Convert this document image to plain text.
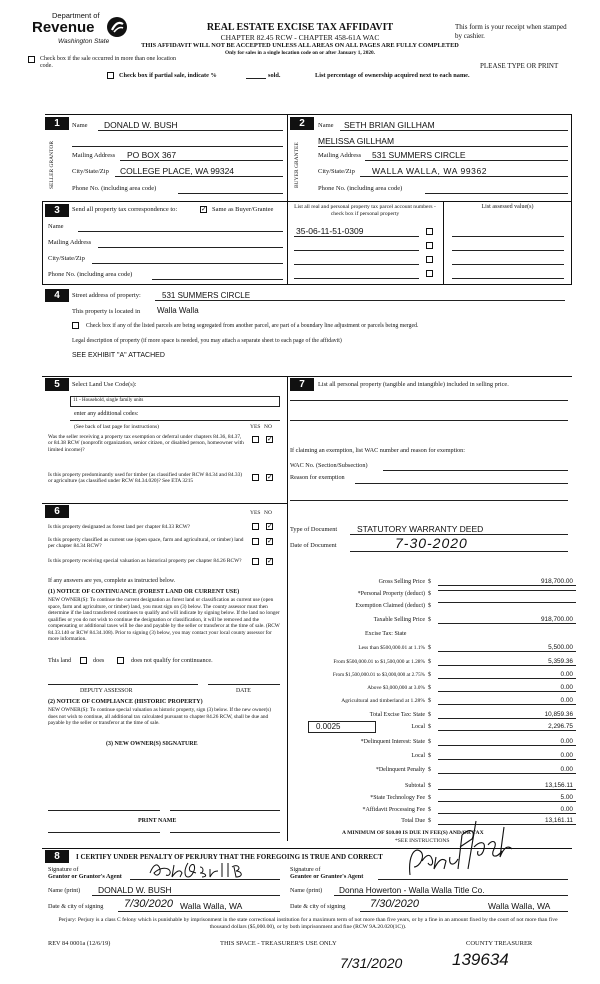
Department of
Revenue
Washington State
REAL ESTATE EXCISE TAX AFFIDAVIT
CHAPTER 82.45 RCW - CHAPTER 458-61A WAC
This form is your receipt when stamped by cashier.
THIS AFFIDAVIT WILL NOT BE ACCEPTED UNLESS ALL AREAS ON ALL PAGES ARE FULLY COMPLETED
Only for sales in a single location code on or after January 1, 2020.
Check box if the sale occurred in more than one location code.	PLEASE TYPE OR PRINT
Check box if partial sale, indicate %	sold.	List percentage of ownership acquired next to each name.
1
SELLER GRANTOR
Name DONALD W. BUSH
Mailing Address PO BOX 367
City/State/Zip COLLEGE PLACE, WA 99324
Phone No. (including area code)
2
BUYER GRANTEE
Name SETH BRIAN GILLHAM
MELISSA GILLHAM
Mailing Address 531 SUMMERS CIRCLE
City/State/Zip WALLA WALLA, WA 99362
Phone No. (including area code)
3	Send all property tax correspondence to:	✓ Same as Buyer/Grantee
Name
Mailing Address
City/State/Zip
Phone No. (including area code)
List all real and personal property tax parcel account numbers - check box if personal property
List assessed value(s)
35-06-11-51-0309
4	Street address of property:	531 SUMMERS CIRCLE
This property is located in Walla Walla
Check box if any of the listed parcels are being segregated from another parcel, are part of a boundary line adjustment or parcels being merged.
Legal description of property (if more space is needed, you may attach a separate sheet to each page of the affidavit)
SEE EXHIBIT "A" ATTACHED
5	Select Land Use Code(s):
11 - Household, single family units
enter any additional codes:
(See back of last page for instructions)	YES NO
Was the seller receiving a property tax exemption or deferral under chapters 84.36, 84.37, or 84.38 RCW (nonprofit organization, senior citizen, or disabled person, homeowner with limited income)?
✓
Is this property predominantly used for timber (as classified under RCW 84.34 and 84.33) or agriculture (as classified under RCW 84.34.020)? See ETA 3215
✓
6	YES NO
Is this property designated as forest land per chapter 84.33 RCW?	✓
Is this property classified as current use (open space, farm and agricultural, or timber) land per chapter 84.34 RCW?
✓
Is this property receiving special valuation as historical property per chapter 84.26 RCW?	✓
If any answers are yes, complete as instructed below.
(1) NOTICE OF CONTINUANCE (FOREST LAND OR CURRENT USE)
NEW OWNER(S): To continue the current designation as forest land or classification as current use (open space, farm and agriculture, or timber) land, you must sign on (3) below. The county assessor must then determine if the land transferred continues to qualify and will indicate by signing below. If the land no longer qualifies or you do not wish to continue the designation or classification, it will be removed and the compensating or additional taxes will be due and payable by the seller or transferor at the time of sale. (RCW 84.33.140 or RCW 84.34.108). Prior to signing (3) below, you may contact your local county assessor for more information.
This land	does	does not qualify for continuance.
DEPUTY ASSESSOR	DATE
(2) NOTICE OF COMPLIANCE (HISTORIC PROPERTY)
NEW OWNER(S): To continue special valuation as historic property, sign (3) below. If the new owner(s) does not wish to continue, all additional tax calculated pursuant to chapter 84.26 RCW, shall be due and payable by the seller or transferor at the time of sale.
(3) NEW OWNER(S) SIGNATURE
PRINT NAME
7	List all personal property (tangible and intangible) included in selling price.
If claiming an exemption, list WAC number and reason for exemption:
WAC No. (Section/Subsection)
Reason for exemption
Type of Document STATUTORY WARRANTY DEED
Date of Document	7-30-2020
Gross Selling Price $	918,700.00
*Personal Property (deduct) $
Exemption Claimed (deduct) $
Taxable Selling Price $	918,700.00
Excise Tax: State
Less than $500,000.01 at 1.1% $	5,500.00
From $500,000.01 to $1,500,000 at 1.28% $	5,359.36
From $1,500,000.01 to $3,000,000 at 2.75% $	0.00
Above $3,000,000 at 3.0% $	0.00
Agricultural and timberland at 1.28% $	0.00
Total Excise Tax: State $	10,859.36
0.0025	Local $	2,296.75
*Delinquent Interest: State $	0.00
Local $	0.00
*Delinquent Penalty $	0.00
Subtotal $	13,156.11
*State Technology Fee $	5.00
*Affidavit Processing Fee $	0.00
Total Due $	13,161.11
A MINIMUM OF $10.00 IS DUE IN FEE(S) AND/OR TAX
*SEE INSTRUCTIONS
8	I CERTIFY UNDER PENALTY OF PERJURY THAT THE FOREGOING IS TRUE AND CORRECT
Signature of
Grantor or Grantor's Agent
Signature of
Grantee or Grantee's Agent
Name (print) DONALD W. BUSH	Name (print) Donna Howerton - Walla Walla Title Co.
Date & city of signing 7/30/2020 Walla Walla, WA	Date & city of signing 7/30/2020	Walla Walla, WA
Perjury: Perjury is a class C felony which is punishable by imprisonment in the state correctional institution for a maximum term of not more than five years, or by a fine in an amount fixed by the court of not more than five thousand dollars ($5,000.00), or by both imprisonment and fine (RCW 9A.20.020(1C)).
REV 84 0001a (12/6/19)	THIS SPACE - TREASURER'S USE ONLY	COUNTY TREASURER
7/31/2020	139634
